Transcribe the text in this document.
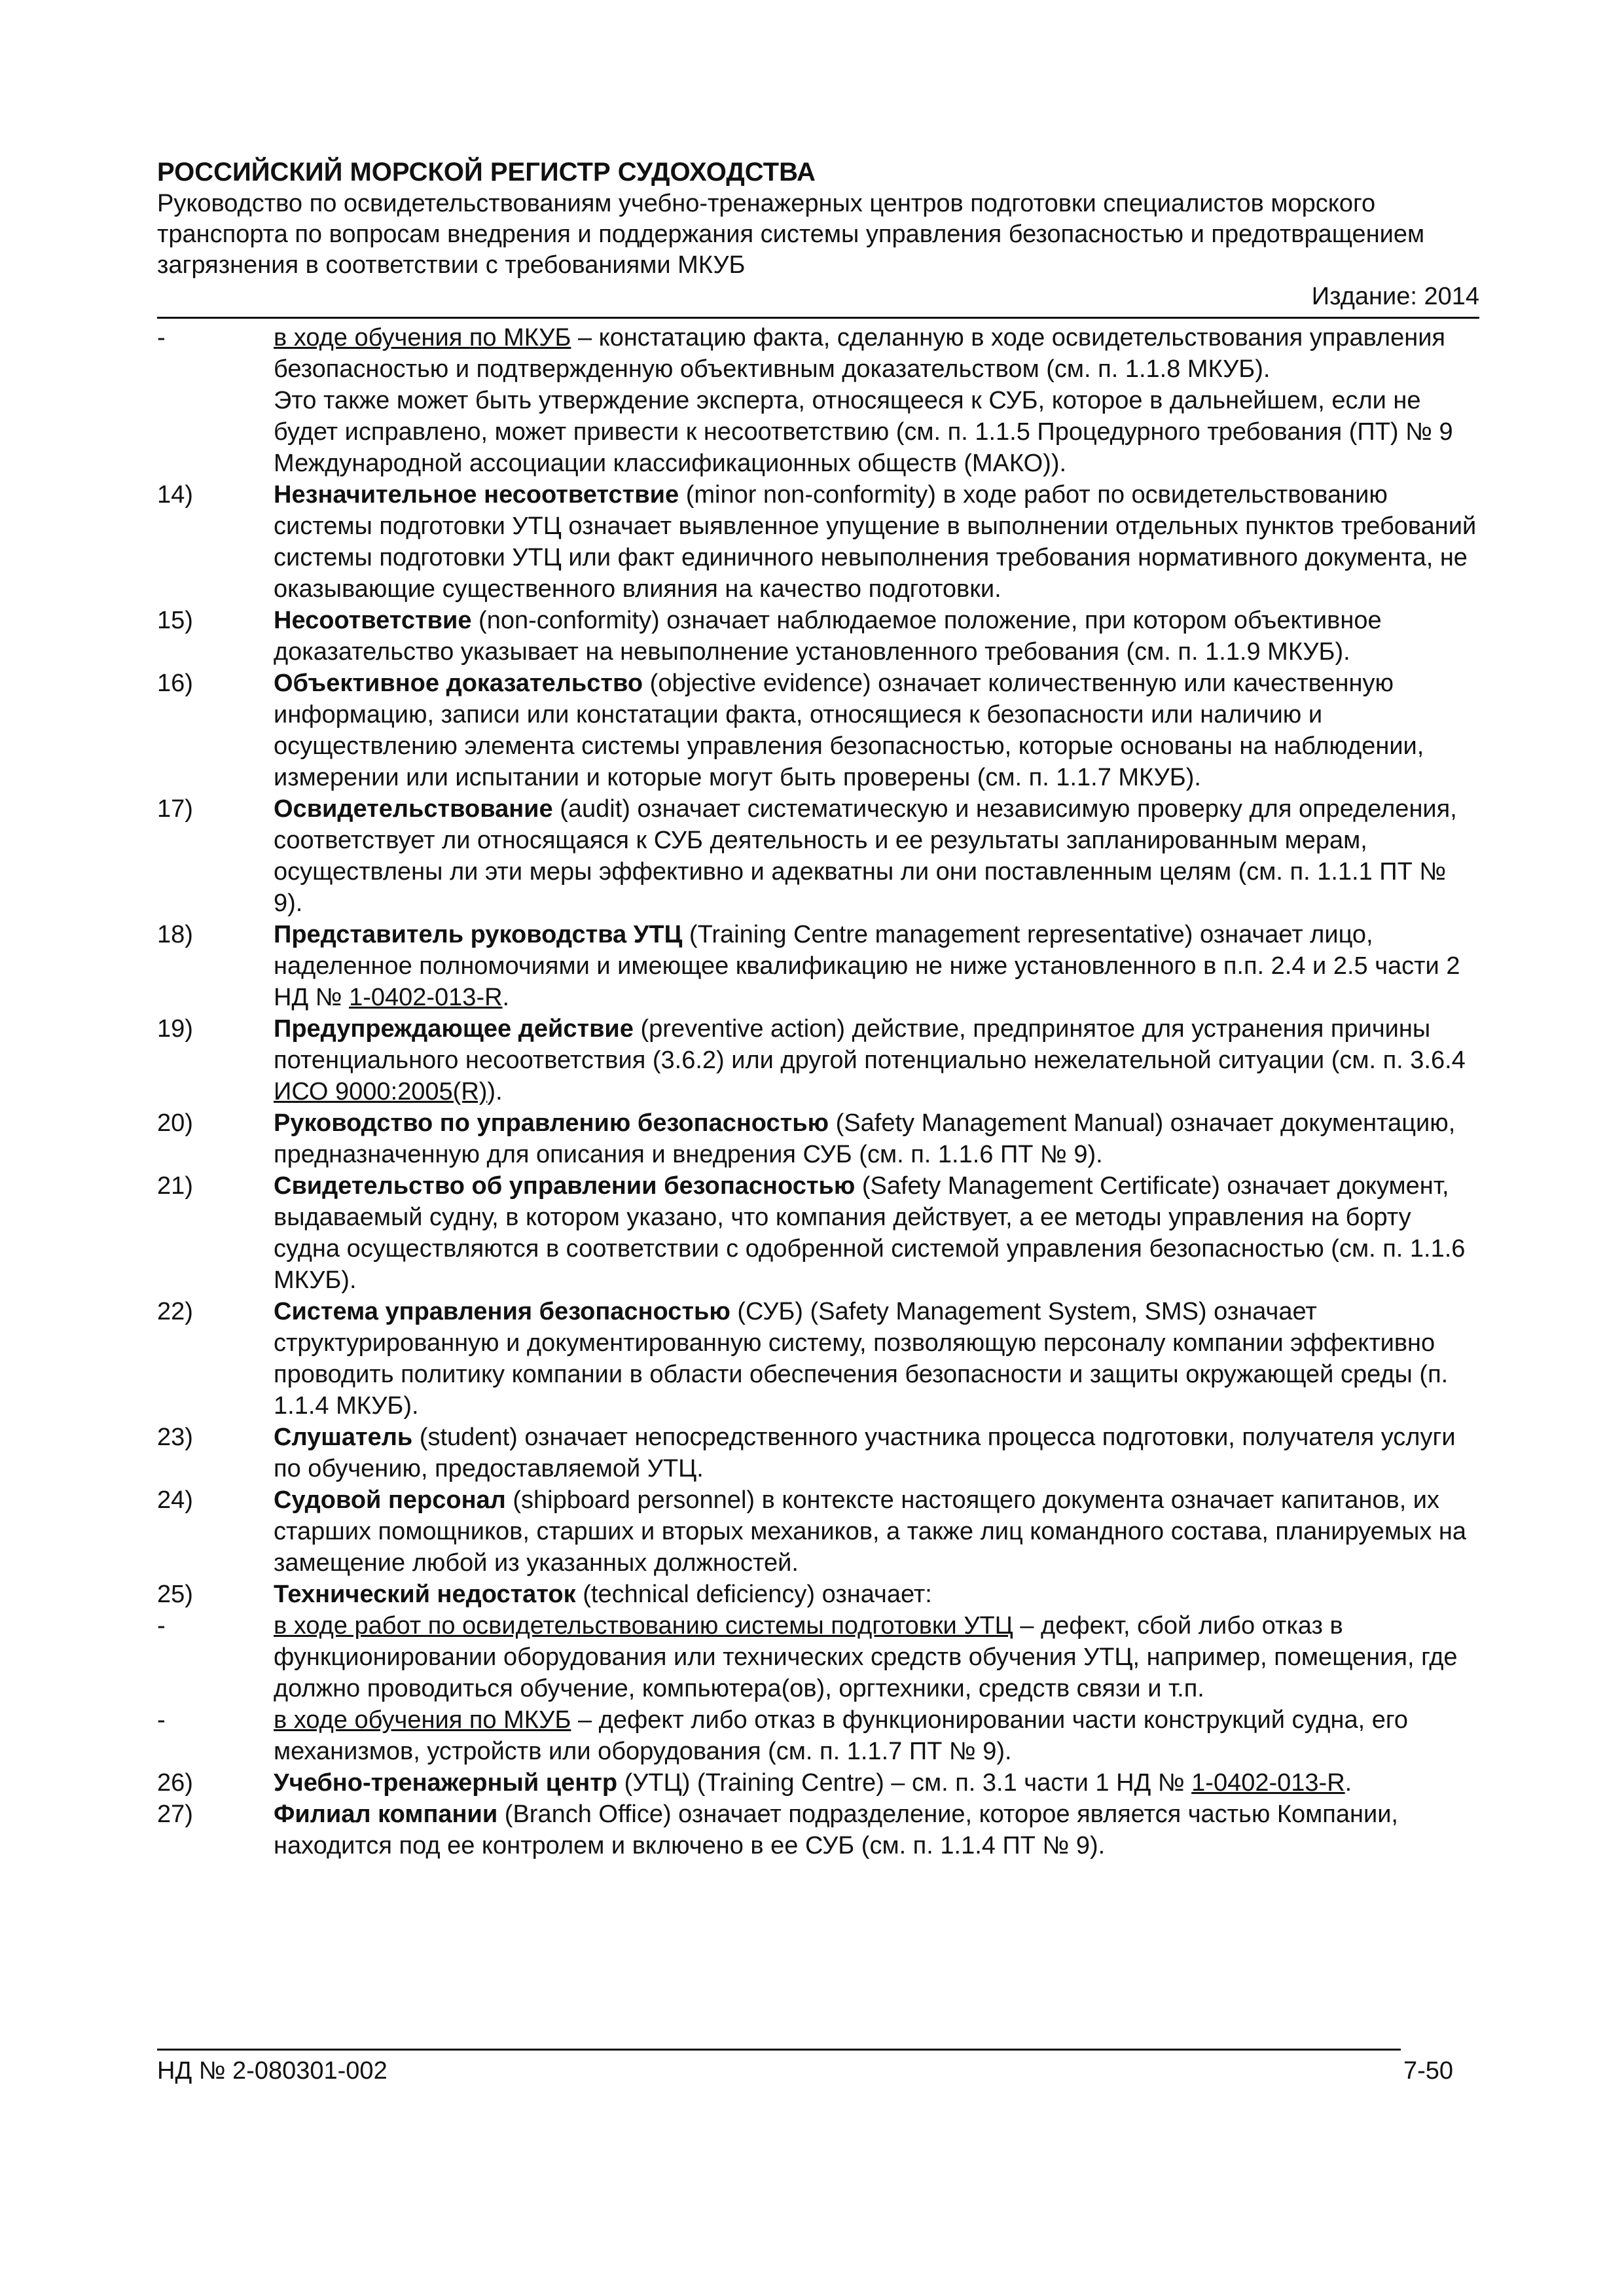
РОССИЙСКИЙ МОРСКОЙ РЕГИСТР СУДОХОДСТВА
Руководство по освидетельствованиям учебно-тренажерных центров подготовки специалистов морского транспорта по вопросам внедрения и поддержания системы управления безопасностью и предотвращением загрязнения в соответствии с требованиями МКУБ
Издание: 2014
-	в ходе обучения по МКУБ – констатацию факта, сделанную в ходе освидетельствования управления безопасностью и подтвержденную объективным доказательством (см. п. 1.1.8 МКУБ).
Это также может быть утверждение эксперта, относящееся к СУБ, которое в дальнейшем, если не будет исправлено, может привести к несоответствию (см. п. 1.1.5 Процедурного требования (ПТ) № 9 Международной ассоциации классификационных обществ (МАКО)).
14)	Незначительное несоответствие (minor non-conformity) в ходе работ по освидетельствованию системы подготовки УТЦ означает выявленное упущение в выполнении отдельных пунктов требований системы подготовки УТЦ или факт единичного невыполнения требования нормативного документа, не оказывающие существенного влияния на качество подготовки.
15)	Несоответствие (non-conformity) означает наблюдаемое положение, при котором объективное доказательство указывает на невыполнение установленного требования (см. п. 1.1.9 МКУБ).
16)	Объективное доказательство (objective evidence) означает количественную или качественную информацию, записи или констатации факта, относящиеся к безопасности или наличию и осуществлению элемента системы управления безопасностью, которые основаны на наблюдении, измерении или испытании и которые могут быть проверены (см. п. 1.1.7 МКУБ).
17)	Освидетельствование (audit) означает систематическую и независимую проверку для определения, соответствует ли относящаяся к СУБ деятельность и ее результаты запланированным мерам, осуществлены ли эти меры эффективно и адекватны ли они поставленным целям (см. п. 1.1.1 ПТ № 9).
18)	Представитель руководства УТЦ (Training Centre management representative) означает лицо, наделенное полномочиями и имеющее квалификацию не ниже установленного в п.п. 2.4 и 2.5 части 2 НД № 1-0402-013-R.
19)	Предупреждающее действие (preventive action) действие, предпринятое для устранения причины потенциального несоответствия (3.6.2) или другой потенциально нежелательной ситуации (см. п. 3.6.4 ИСО 9000:2005(R)).
20)	Руководство по управлению безопасностью (Safety Management Manual) означает документацию, предназначенную для описания и внедрения СУБ (см. п. 1.1.6 ПТ № 9).
21)	Свидетельство об управлении безопасностью (Safety Management Certificate) означает документ, выдаваемый судну, в котором указано, что компания действует, а ее методы управления на борту судна осуществляются в соответствии с одобренной системой управления безопасностью (см. п. 1.1.6 МКУБ).
22)	Система управления безопасностью (СУБ) (Safety Management System, SMS) означает структурированную и документированную систему, позволяющую персоналу компании эффективно проводить политику компании в области обеспечения безопасности и защиты окружающей среды (п. 1.1.4 МКУБ).
23)	Слушатель (student) означает непосредственного участника процесса подготовки, получателя услуги по обучению, предоставляемой УТЦ.
24)	Судовой персонал (shipboard personnel) в контексте настоящего документа означает капитанов, их старших помощников, старших и вторых механиков, а также лиц командного состава, планируемых на замещение любой из указанных должностей.
25)	Технический недостаток (technical deficiency) означает:
-	в ходе работ по освидетельствованию системы подготовки УТЦ – дефект, сбой либо отказ в функционировании оборудования или технических средств обучения УТЦ, например, помещения, где должно проводиться обучение, компьютера(ов), оргтехники, средств связи и т.п.
-	в ходе обучения по МКУБ – дефект либо отказ в функционировании части конструкций судна, его механизмов, устройств или оборудования (см. п. 1.1.7 ПТ № 9).
26)	Учебно-тренажерный центр (УТЦ) (Training Centre) – см. п. 3.1 части 1 НД № 1-0402-013-R.
27)	Филиал компании (Branch Office) означает подразделение, которое является частью Компании, находится под ее контролем и включено в ее СУБ (см. п. 1.1.4 ПТ № 9).
НД № 2-080301-002	7-50
